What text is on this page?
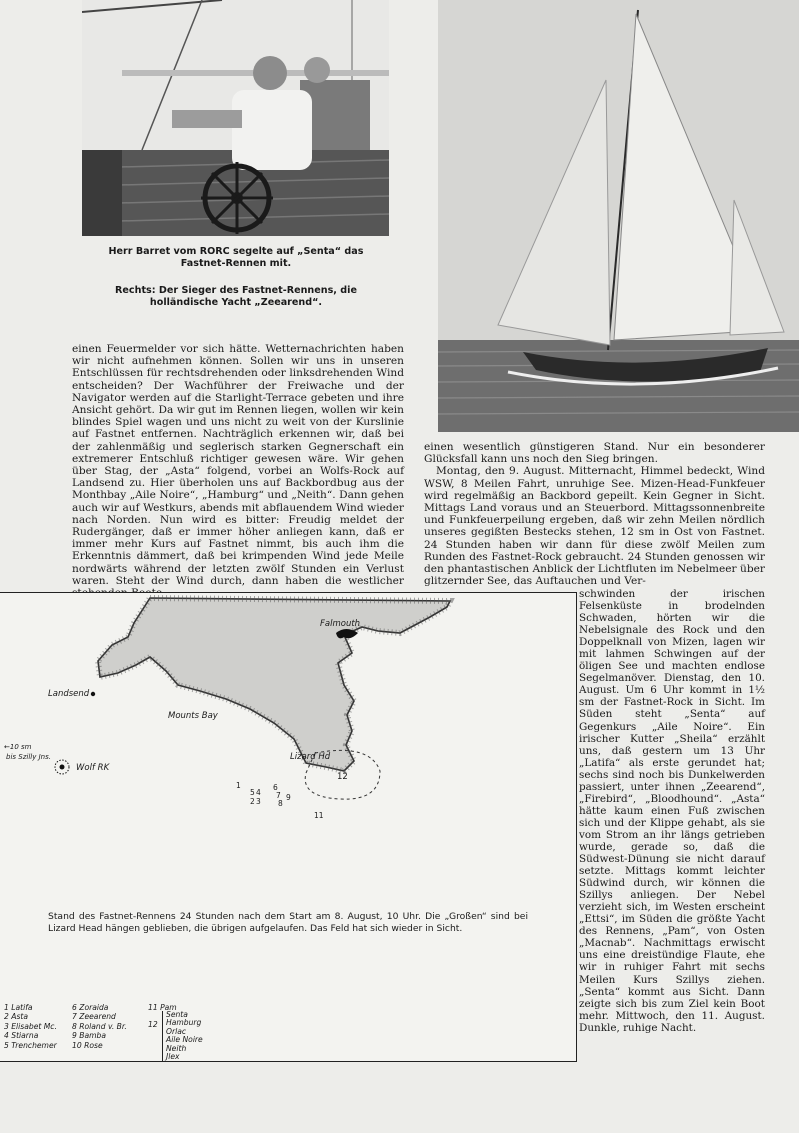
Herr Barret vom RORC segelte auf „Senta“ das Fastnet-Rennen mit.

Rechts: Der Sieger des Fastnet-Rennens, die holländische Yacht „Zeearend“.

einen Feuermelder vor sich hätte. Wetternachrichten haben wir nicht aufnehmen können. Sollen wir uns in unseren Entschlüssen für rechtsdrehenden oder linksdrehenden Wind entscheiden? Der Wachführer der Freiwache und der Navigator werden auf die Starlight-Terrace gebeten und ihre Ansicht gehört. Da wir gut im Rennen liegen, wollen wir kein blindes Spiel wagen und uns nicht zu weit von der Kurslinie auf Fastnet entfernen. Nachträglich erkennen wir, daß bei der zahlenmäßig und seglerisch starken Gegnerschaft ein extremerer Entschluß richtiger gewesen wäre. Wir gehen über Stag, der „Asta“ folgend, vorbei an Wolfs-Rock auf Landsend zu. Hier überholen uns auf Backbordbug aus der Monthbay „Aile Noire“, „Hamburg“ und „Neith“. Dann gehen auch wir auf Westkurs, abends mit abflauendem Wind wieder nach Norden. Nun wird es bitter: Freudig meldet der Rudergänger, daß er immer höher anliegen kann, daß er immer mehr Kurs auf Fastnet nimmt, bis auch ihm die Erkenntnis dämmert, daß bei krimpenden Wind jede Meile nordwärts während der letzten zwölf Stunden ein Verlust waren. Steht der Wind durch, dann haben die westlicher

einen wesentlich günstigeren Stand. Nur ein besonderer Glücksfall kann uns noch den Sieg bringen.

Montag, den 9. August. Mitternacht, Himmel bedeckt, Wind WSW, 8 Meilen Fahrt, unruhige See. Mizen-Head-Funkfeuer wird regelmäßig an Backbord gepeilt. Kein Gegner in Sicht. Mittags Land voraus und an Steuerbord. Mittagssonnenbreite und Funkfeuerpeilung ergeben, daß wir zehn Meilen nördlich unseres gegißten Bestecks stehen, 12 sm in Ost von Fastnet. 24 Stunden haben wir dann für diese zwölf Meilen zum Runden des Fastnet-Rock gebraucht. 24 Stunden genossen wir den phantastischen Anblick der Lichtfluten im Nebelmeer über glitzernder See, das Auftauchen und Ver-

Falmouth

Landsend

Mounts Bay

Lizard Hd

Wolf RK

←10 sm

bis Szilly Jns.

1

2 3

4

5

6

7

8

9

11

12

Stand des Fastnet-Rennens 24 Stunden nach dem Start am 8. August, 10 Uhr. Die „Großen“ sind bei Lizard Head hängen geblieben, die übrigen aufgelaufen. Das Feld hat sich wieder in Sicht.

1 Latifa
2 Asta
3 Elisabet Mc.
4 Stiarna
5 Trenchemer
6 Zoraida
7 Zeearend
8 Roland v. Br.
9 Bamba
10 Rose
11 Pam
12
Senta
Hamburg
Orlac
Aile Noire
Neith
Jlex

schwinden der irischen Felsenküste in brodelnden Schwaden, hörten wir die Nebelsignale des Rock und den Doppelknall von Mizen, lagen wir mit lahmen Schwingen auf der öligen See und machten endlose Segelmanöver. Dienstag, den 10. August. Um 6 Uhr kommt in 1½ sm der Fastnet-Rock in Sicht. Im Süden steht „Senta“ auf Gegenkurs „Aile Noire“. Ein irischer Kutter „Sheila“ erzählt uns, daß gestern um 13 Uhr „Latifa“ als erste gerundet hat; sechs sind noch bis Dunkelwerden passiert, unter ihnen „Zeearend“, „Firebird“, „Bloodhound“. „Asta“ hätte kaum einen Fuß zwischen sich und der Klippe gehabt, als sie vom Strom an ihr längs getrieben wurde, gerade so, daß die Südwest-Dünung sie nicht darauf setzte. Mittags kommt leichter Südwind durch, wir können die Szillys anliegen. Der Nebel verzieht sich, im Westen erscheint „Ettsi“, im Süden die größte Yacht des Rennens, „Pam“, von Osten „Macnab“. Nachmittags erwischt uns eine dreistündige Flaute, ehe wir in ruhiger Fahrt mit sechs Meilen Kurs Szillys ziehen. „Senta“ kommt aus Sicht. Dann zeigte sich bis zum Ziel kein Boot mehr. Mittwoch, den 11. August. Dunkle, ruhige Nacht.
